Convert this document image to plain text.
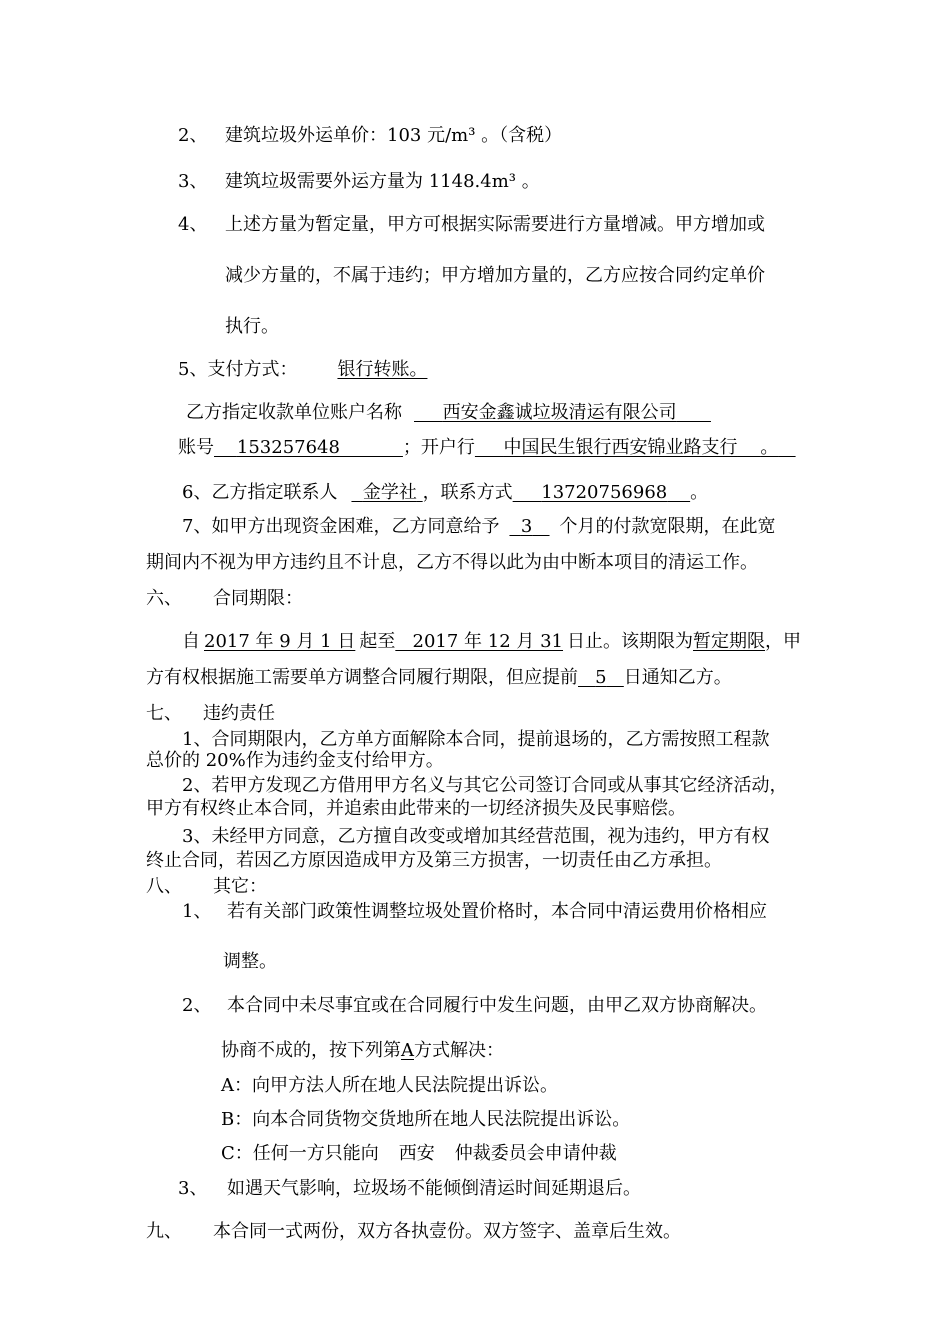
2、 建筑垃圾外运单价：103 元/m³ 。（含税）
3、 建筑垃圾需要外运方量为 1148.4m³ 。
4、 上述方量为暂定量，甲方可根据实际需要进行方量增减。甲方增加或
减少方量的，不属于违约；甲方增加方量的，乙方应按合同约定单价
执行。
5、支付方式： 银行转账。
乙方指定收款单位账户名称 西安金鑫诚垃圾清运有限公司
账号 153257648	；开户行 中国民生银行西安锦业路支行 。
6、乙方指定联系人 金学社 ，联系方式 13720756968 。
7、如甲方出现资金困难，乙方同意给予 3 个月的付款宽限期，在此宽
期间内不视为甲方违约且不计息，乙方不得以此为由中断本项目的清运工作。
六、 合同期限：
自 2017 年 9 月 1 日 起至 2017 年 12 月 31 日止。该期限为暂定期限，甲
方有权根据施工需要单方调整合同履行期限，但应提前 5 日通知乙方。
七、 违约责任
1、合同期限内，乙方单方面解除本合同，提前退场的，乙方需按照工程款
总价的 20%作为违约金支付给甲方。
2、若甲方发现乙方借用甲方名义与其它公司签订合同或从事其它经济活动，
甲方有权终止本合同，并追索由此带来的一切经济损失及民事赔偿。
3、未经甲方同意，乙方擅自改变或增加其经营范围，视为违约，甲方有权
终止合同，若因乙方原因造成甲方及第三方损害，一切责任由乙方承担。
八、 其它：
1、 若有关部门政策性调整垃圾处置价格时，本合同中清运费用价格相应
调整。
2、 本合同中未尽事宜或在合同履行中发生问题，由甲乙双方协商解决。
协商不成的，按下列第A方式解决：
A：向甲方法人所在地人民法院提出诉讼。
B：向本合同货物交货地所在地人民法院提出诉讼。
C：任何一方只能向 西安 仲裁委员会申请仲裁
3、 如遇天气影响，垃圾场不能倾倒清运时间延期退后。
九、 本合同一式两份，双方各执壹份。双方签字、盖章后生效。
